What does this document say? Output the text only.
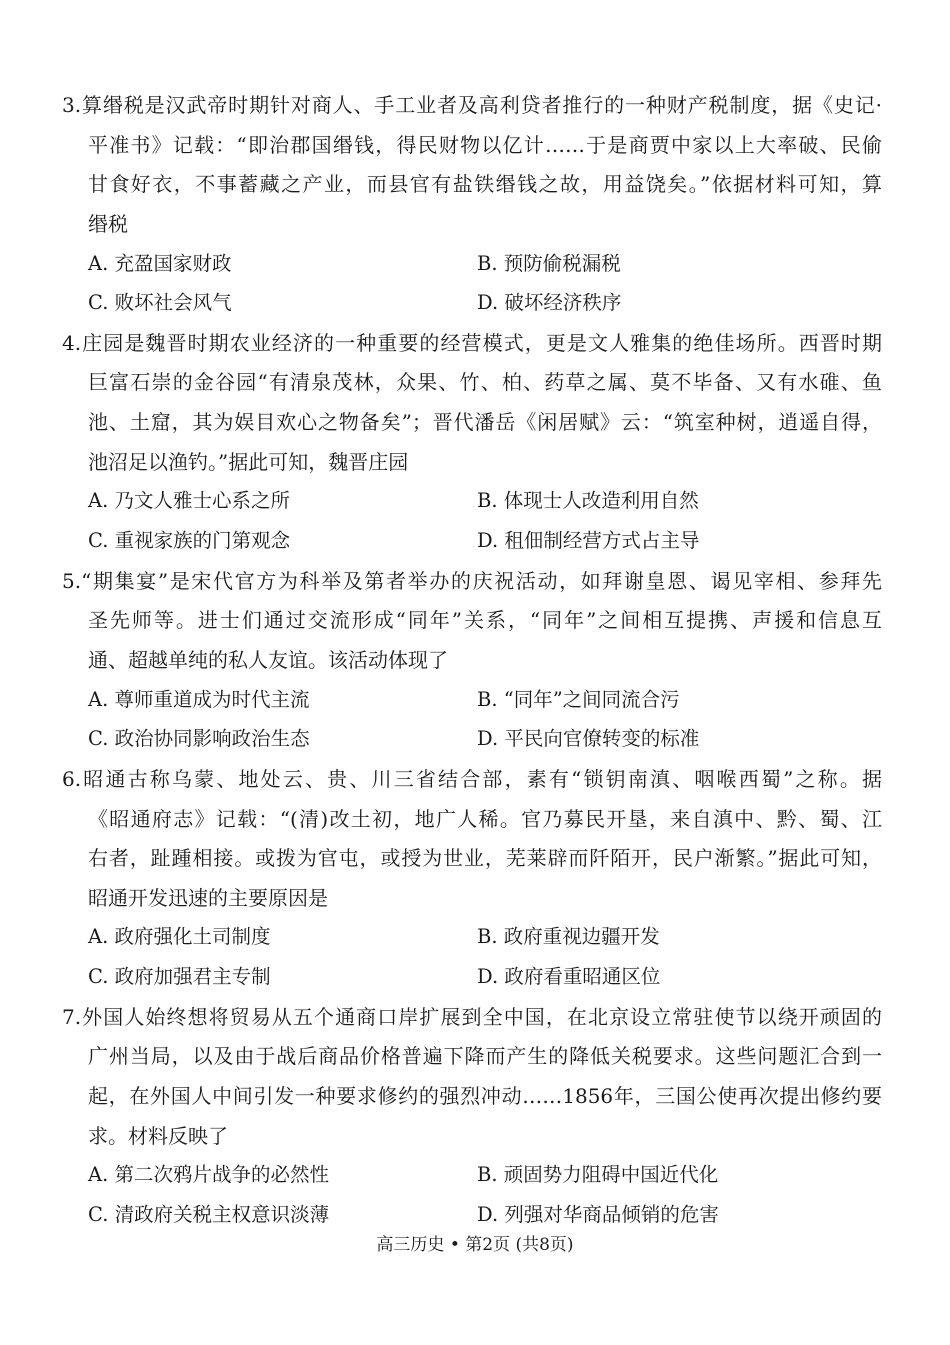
高三历史 • 第2页 (共8页)
3.算缗税是汉武帝时期针对商人、手工业者及高利贷者推行的一种财产税制度，据《史记·
平准书》记载：“即治郡国缗钱，得民财物以亿计……于是商贾中家以上大率破、民偷
甘食好衣，不事蓄藏之产业，而县官有盐铁缗钱之故，用益饶矣。”依据材料可知，算
缗税
A. 充盈国家财政	B. 预防偷税漏税
C. 败坏社会风气	D. 破坏经济秩序
4.庄园是魏晋时期农业经济的一种重要的经营模式，更是文人雅集的绝佳场所。西晋时期
巨富石崇的金谷园“有清泉茂林，众果、竹、柏、药草之属、莫不毕备、又有水碓、鱼
池、土窟，其为娱目欢心之物备矣”；晋代潘岳《闲居赋》云：“筑室种树，逍遥自得，
池沼足以渔钓。”据此可知，魏晋庄园
A. 乃文人雅士心系之所	B. 体现士人改造利用自然
C. 重视家族的门第观念	D. 租佃制经营方式占主导
5.“期集宴”是宋代官方为科举及第者举办的庆祝活动，如拜谢皇恩、谒见宰相、参拜先
圣先师等。进士们通过交流形成“同年”关系，“同年”之间相互提携、声援和信息互
通、超越单纯的私人友谊。该活动体现了
A. 尊师重道成为时代主流	B. “同年”之间同流合污
C. 政治协同影响政治生态	D. 平民向官僚转变的标准
6.昭通古称乌蒙、地处云、贵、川三省结合部，素有“锁钥南滇、咽喉西蜀”之称。据
《昭通府志》记载：“(清)改土初，地广人稀。官乃募民开垦，来自滇中、黔、蜀、江
右者，趾踵相接。或拨为官屯，或授为世业，芜莱辟而阡陌开，民户渐繁。”据此可知，
昭通开发迅速的主要原因是
A. 政府强化土司制度	B. 政府重视边疆开发
C. 政府加强君主专制	D. 政府看重昭通区位
7.外国人始终想将贸易从五个通商口岸扩展到全中国，在北京设立常驻使节以绕开顽固的
广州当局，以及由于战后商品价格普遍下降而产生的降低关税要求。这些问题汇合到一
起，在外国人中间引发一种要求修约的强烈冲动……1856年，三国公使再次提出修约要
求。材料反映了
A. 第二次鸦片战争的必然性	B. 顽固势力阻碍中国近代化
C. 清政府关税主权意识淡薄	D. 列强对华商品倾销的危害
